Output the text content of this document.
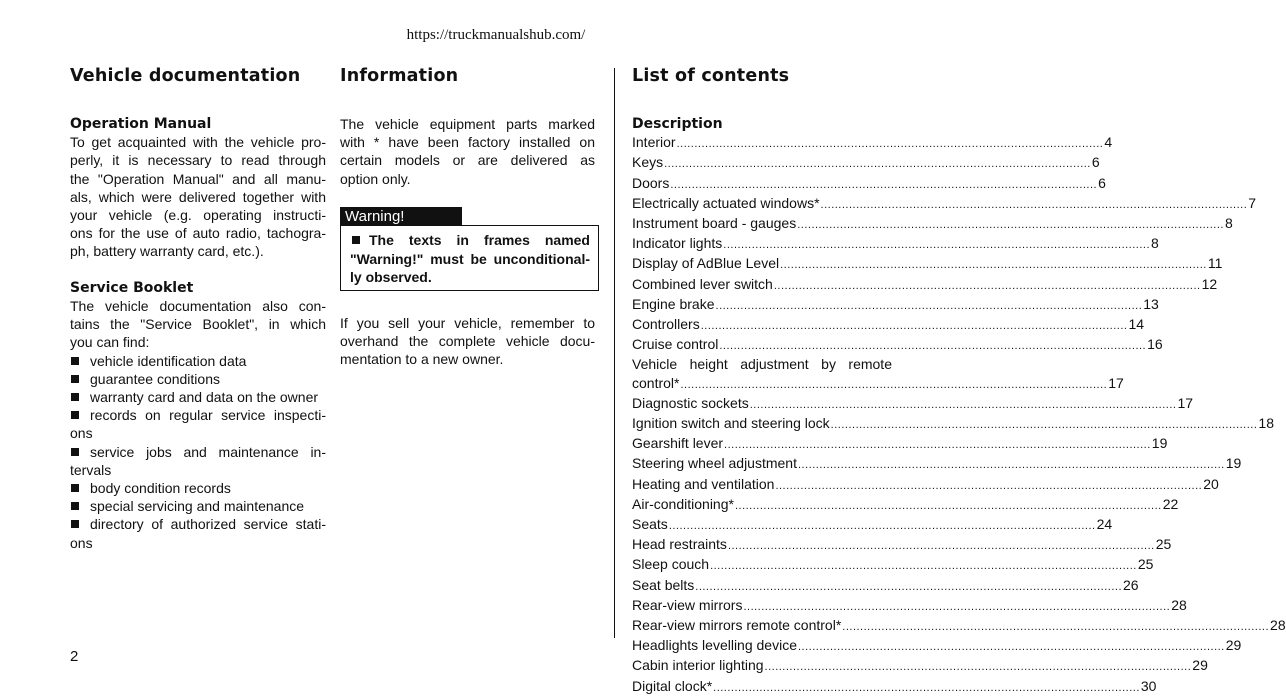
https://truckmanualshub.com/
Vehicle documentation
Operation Manual
To get acquainted with the vehicle pro-
perly, it is necessary to read through
the "Operation Manual" and all manu-
als, which were delivered together with
your vehicle (e.g. operating instructi-
ons for the use of auto radio, tachogra-
ph, battery warranty card, etc.).
Service Booklet
The vehicle documentation also con-
tains the "Service Booklet", in which
you can find:
vehicle identification data
guarantee conditions
warranty card and data on the owner
records on regular service inspecti-
ons
service jobs and maintenance in-
tervals
body condition records
special servicing and maintenance
directory of authorized service stati-
ons
Information
The vehicle equipment parts marked
with * have been factory installed on
certain models or are delivered as
option only.
Warning!
The texts in frames named
"Warning!" must be unconditional-
ly observed.
If you sell your vehicle, remember to
overhand the complete vehicle docu-
mentation to a new owner.
List of contents
Description
Interior ........................................................................................................................ 4
Keys ........................................................................................................................ 6
Doors ........................................................................................................................ 6
Electrically actuated windows* ........................................................................................................................ 7
Instrument board - gauges ........................................................................................................................ 8
Indicator lights ........................................................................................................................ 8
Display of AdBlue Level ........................................................................................................................ 11
Combined lever switch ........................................................................................................................ 12
Engine brake ........................................................................................................................ 13
Controllers ........................................................................................................................ 14
Cruise control ........................................................................................................................ 16
Vehicle height adjustment by remote
control* ........................................................................................................................ 17
Diagnostic sockets ........................................................................................................................ 17
Ignition switch and steering lock ........................................................................................................................ 18
Gearshift lever ........................................................................................................................ 19
Steering wheel adjustment ........................................................................................................................ 19
Heating and ventilation ........................................................................................................................ 20
Air-conditioning* ........................................................................................................................ 22
Seats ........................................................................................................................ 24
Head restraints ........................................................................................................................ 25
Sleep couch ........................................................................................................................ 25
Seat belts ........................................................................................................................ 26
Rear-view mirrors ........................................................................................................................ 28
Rear-view mirrors remote control* ........................................................................................................................ 28
Headlights levelling device ........................................................................................................................ 29
Cabin interior lighting ........................................................................................................................ 29
Digital clock* ........................................................................................................................ 30
2
